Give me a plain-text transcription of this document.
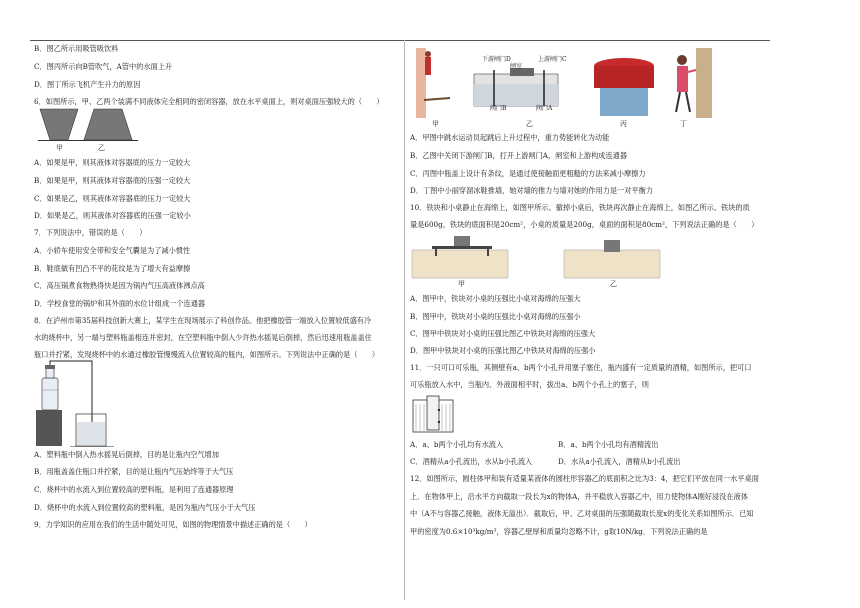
B．图乙所示用吸管吸饮料
C．图丙所示向B管吹气，A管中的水面上升
D．图丁所示飞机产生升力的原因
6．如图所示，甲、乙两个装满不同液体完全相同的密闭容器，放在水平桌面上，则对桌面压强较大的（　　）
甲	乙
A．如果是甲，则其液体对容器底的压力一定较大
B．如果是甲，则其液体对容器底的压强一定较大
C．如果是乙，则其液体对容器底的压力一定较大
D．如果是乙，则其液体对容器底的压强一定较小
7．下列说法中，错误的是（　　）
A．小轿车使用安全带和安全气囊是为了减小惯性
B．鞋底做有凹凸不平的花纹是为了增大有益摩擦
C．高压锅煮食物熟得快是因为锅内气压高液体沸点高
D．学校食堂的锅炉和其外面的水位计组成一个连通器
8．在泸州市第35届科技创新大赛上，某学生在现场展示了科创作品。他把橡胶管一端放入位置较低盛有冷
水的烧杯中，另一端与塑料瓶盖相连并密封，在空塑料瓶中倒入少许热水摇晃后倒掉，然后迅速用瓶盖盖住
瓶口并拧紧，发现烧杯中的水通过橡胶管慢慢流入位置较高的瓶内，如图所示。下列说法中正确的是（　　）
A．塑料瓶中倒入热水摇晃后倒掉，目的是让瓶内空气增加
B．用瓶盖盖住瓶口并拧紧，目的是让瓶内气压始终等于大气压
C．烧杯中的水流入到位置较高的塑料瓶，是利用了连通器原理
D．烧杯中的水流入到位置较高的塑料瓶，是因为瓶内气压小于大气压
9．力学知识的应用在我们的生活中随处可见，如图的物理情景中描述正确的是（　　）
下游闸门D	上游闸门C
闸室
阀门B	阀门A
甲	乙	丙	丁
A．甲图中跳水运动员起跳后上升过程中，重力势能转化为动能
B．乙图中关闭下游闸门B，打开上游闸门A，闸室和上游构成连通器
C．丙图中瓶盖上设计有条纹，是通过使接触面更粗糙的方法来减小摩擦力
D．丁图中小丽穿溜冰鞋推墙，她对墙的推力与墙对她的作用力是一对平衡力
10．铁块和小桌静止在海绵上，如图甲所示。撤掉小桌后，铁块再次静止在海绵上，如图乙所示。铁块的质
量是600g，铁块的底面积是20cm²，小桌的质量是200g，桌面的面积是80cm²，下列说法正确的是（　　）
甲	乙
A．图甲中，铁块对小桌的压强比小桌对海绵的压强大
B．图甲中，铁块对小桌的压强比小桌对海绵的压强小
C．图甲中铁块对小桌的压强比图乙中铁块对海绵的压强大
D．图甲中铁块对小桌的压强比图乙中铁块对海绵的压强小
11．一只可口可乐瓶，其侧壁有a、b两个小孔并用塞子塞住，瓶内盛有一定质量的酒精，如图所示，把可口
可乐瓶放入水中，当瓶内、外液面相平时，拔出a、b两个小孔上的塞子，则
A．a、b两个小孔均有水流入	B．a、b两个小孔均有酒精流出
C．酒精从a小孔流出，水从b小孔流入	D．水从a小孔流入，酒精从b小孔流出
12．如图所示，圆柱体甲和装有适量某液体的圆柱形容器乙的底面积之比为3：4，把它们平放在同一水平桌面
上．在物体甲上，沿水平方向截取一段长为x的物体A，并平稳放入容器乙中，用力使物体A刚好浸没在液体
中（A不与容器乙接触，液体无溢出）．截取后，甲、乙对桌面的压强随截取长度x的变化关系如图所示．已知
甲的密度为0.6×10³kg/m³，容器乙壁厚和质量均忽略不计，g取10N/kg．下列说法正确的是
